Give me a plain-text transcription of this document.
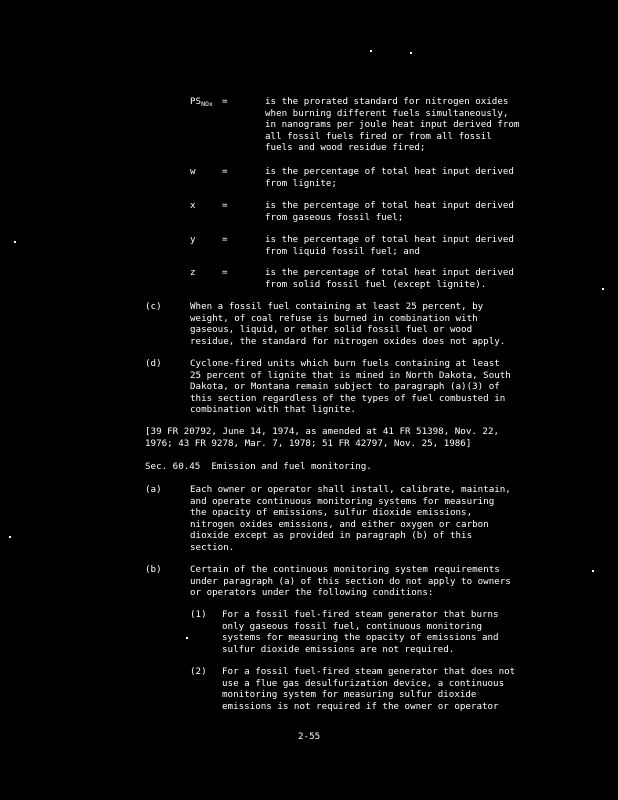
$PS_{NOx}$ =	is the prorated standard for nitrogen oxides
when burning different fuels simultaneously,
in nanograms per joule heat input derived from
all fossil fuels fired or from all fossil
fuels and wood residue fired;
w	=	is the percentage of total heat input derived
from lignite;
x	=	is the percentage of total heat input derived
from gaseous fossil fuel;
y	=	is the percentage of total heat input derived
from liquid fossil fuel; and
z	=	is the percentage of total heat input derived
from solid fossil fuel (except lignite).
(c)	When a fossil fuel containing at least 25 percent, by
weight, of coal refuse is burned in combination with
gaseous, liquid, or other solid fossil fuel or wood
residue, the standard for nitrogen oxides does not apply.
(d)	Cyclone-fired units which burn fuels containing at least
25 percent of lignite that is mined in North Dakota, South
Dakota, or Montana remain subject to paragraph (a)(3) of
this section regardless of the types of fuel combusted in
combination with that lignite.
[39 FR 20792, June 14, 1974, as amended at 41 FR 51398, Nov. 22,
1976; 43 FR 9278, Mar. 7, 1978; 51 FR 42797, Nov. 25, 1986]
Sec. 60.45  Emission and fuel monitoring.
(a)	Each owner or operator shall install, calibrate, maintain,
and operate continuous monitoring systems for measuring
the opacity of emissions, sulfur dioxide emissions,
nitrogen oxides emissions, and either oxygen or carbon
dioxide except as provided in paragraph (b) of this
section.
(b)	Certain of the continuous monitoring system requirements
under paragraph (a) of this section do not apply to owners
or operators under the following conditions:
(1) For a fossil fuel-fired steam generator that burns
only gaseous fossil fuel, continuous monitoring
systems for measuring the opacity of emissions and
sulfur dioxide emissions are not required.
(2) For a fossil fuel-fired steam generator that does not
use a flue gas desulfurization device, a continuous
monitoring system for measuring sulfur dioxide
emissions is not required if the owner or operator
2-55
